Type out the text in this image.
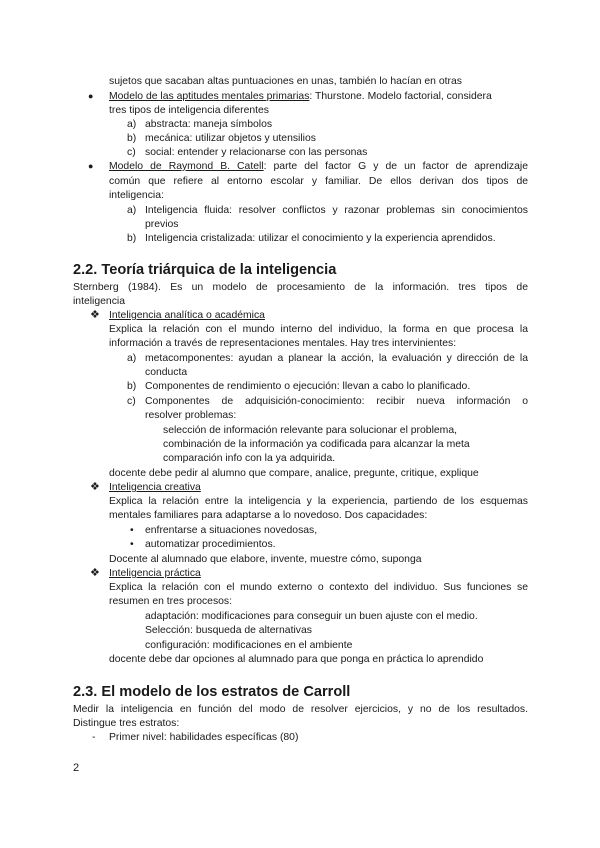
sujetos que sacaban altas puntuaciones en unas, también lo hacían en otras
● Modelo de las aptitudes mentales primarias: Thurstone. Modelo factorial, considera
tres tipos de inteligencia diferentes
a) abstracta: maneja símbolos
b) mecánica: utilizar objetos y utensilios
c) social: entender y relacionarse con las personas
● Modelo de Raymond B. Catell: parte del factor G y de un factor de aprendizaje
común que refiere al entorno escolar y familiar. De ellos derivan dos tipos de
inteligencia:
a) Inteligencia fluida: resolver conflictos y razonar problemas sin conocimientos
previos
b) Inteligencia cristalizada: utilizar el conocimiento y la experiencia aprendidos.
2.2. Teoría triárquica de la inteligencia
Sternberg (1984). Es un modelo de procesamiento de la información. tres tipos de
inteligencia
❖ Inteligencia analítica o académica
Explica la relación con el mundo interno del individuo, la forma en que procesa la
información a través de representaciones mentales. Hay tres intervinientes:
a) metacomponentes: ayudan a planear la acción, la evaluación y dirección de la
conducta
b) Componentes de rendimiento o ejecución: llevan a cabo lo planificado.
c) Componentes de adquisición-conocimiento: recibir nueva información o
resolver problemas:
selección de información relevante para solucionar el problema,
combinación de la información ya codificada para alcanzar la meta
comparación info con la ya adquirida.
docente debe pedir al alumno que compare, analice, pregunte, critique, explique
❖ Inteligencia creativa
Explica la relación entre la inteligencia y la experiencia, partiendo de los esquemas
mentales familiares para adaptarse a lo novedoso. Dos capacidades:
• enfrentarse a situaciones novedosas,
• automatizar procedimientos.
Docente al alumnado que elabore, invente, muestre cómo, suponga
❖ Inteligencia práctica
Explica la relación con el mundo externo o contexto del individuo. Sus funciones se
resumen en tres procesos:
adaptación: modificaciones para conseguir un buen ajuste con el medio.
Selección: busqueda de alternativas
configuración: modificaciones en el ambiente
docente debe dar opciones al alumnado para que ponga en práctica lo aprendido
2.3. El modelo de los estratos de Carroll
Medir la inteligencia en función del modo de resolver ejercicios, y no de los resultados.
Distingue tres estratos:
- Primer nivel: habilidades específicas (80)
2
